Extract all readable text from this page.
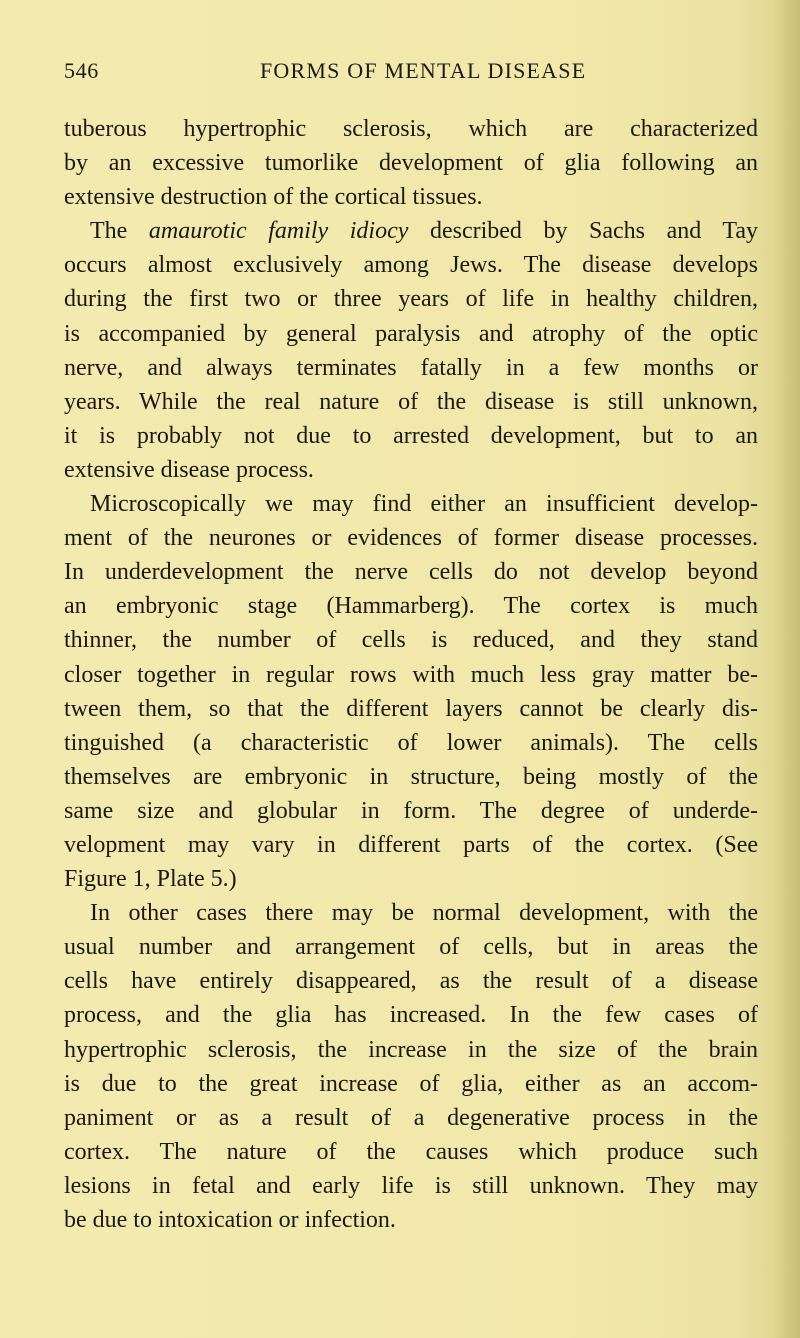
546	FORMS OF MENTAL DISEASE
tuberous hypertrophic sclerosis, which are characterized
by an excessive tumorlike development of glia following an
extensive destruction of the cortical tissues.
The amaurotic family idiocy described by Sachs and Tay
occurs almost exclusively among Jews. The disease develops
during the first two or three years of life in healthy children,
is accompanied by general paralysis and atrophy of the optic
nerve, and always terminates fatally in a few months or
years. While the real nature of the disease is still unknown,
it is probably not due to arrested development, but to an
extensive disease process.
Microscopically we may find either an insufficient develop-
ment of the neurones or evidences of former disease processes.
In underdevelopment the nerve cells do not develop beyond
an embryonic stage (Hammarberg). The cortex is much
thinner, the number of cells is reduced, and they stand
closer together in regular rows with much less gray matter be-
tween them, so that the different layers cannot be clearly dis-
tinguished (a characteristic of lower animals). The cells
themselves are embryonic in structure, being mostly of the
same size and globular in form. The degree of underde-
velopment may vary in different parts of the cortex. (See
Figure 1, Plate 5.)
In other cases there may be normal development, with the
usual number and arrangement of cells, but in areas the
cells have entirely disappeared, as the result of a disease
process, and the glia has increased. In the few cases of
hypertrophic sclerosis, the increase in the size of the brain
is due to the great increase of glia, either as an accom-
paniment or as a result of a degenerative process in the
cortex. The nature of the causes which produce such
lesions in fetal and early life is still unknown. They may
be due to intoxication or infection.
